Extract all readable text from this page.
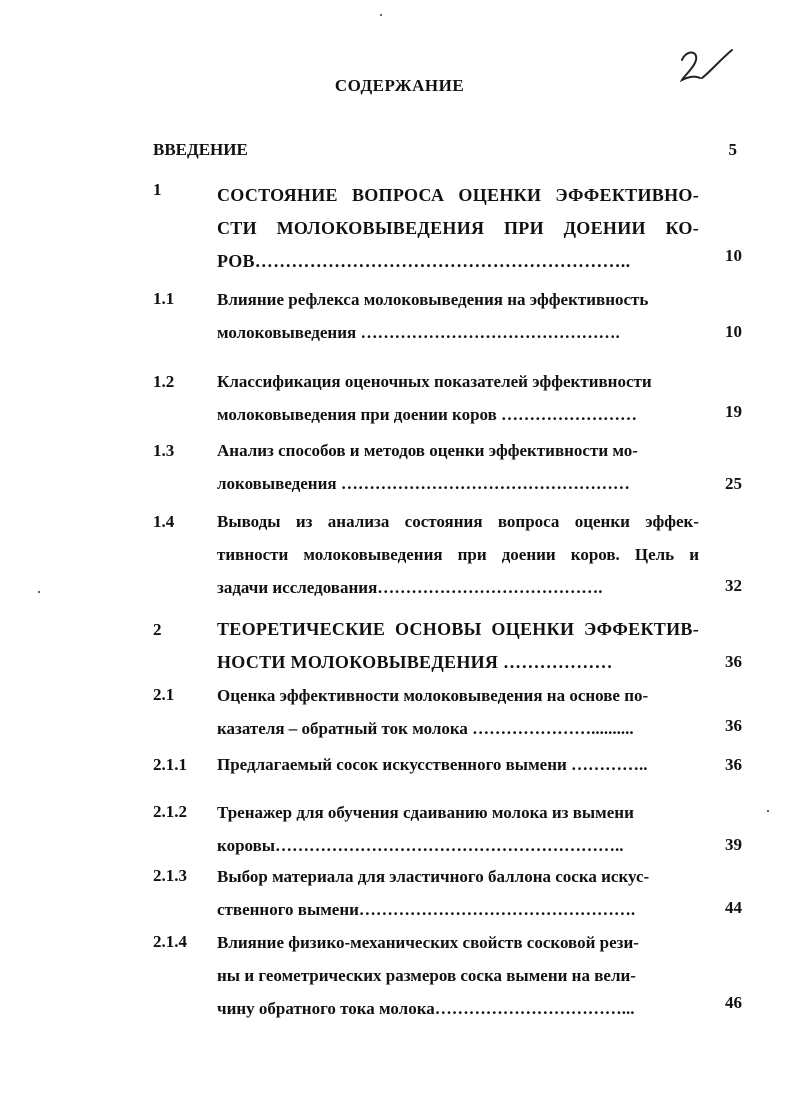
СОДЕРЖАНИЕ
ВВЕДЕНИЕ	5
1	СОСТОЯНИЕ ВОПРОСА ОЦЕНКИ ЭФФЕКТИВНО-
СТИ МОЛОКОВЫВЕДЕНИЯ ПРИ ДОЕНИИ КО-
РОВ……………………………………………………..	10
1.1	Влияние рефлекса молоковыведения на эффективность
молоковыведения ……………………………………….	10
1.2	Классификация оценочных показателей эффективности
молоковыведения при доении коров ……………………	19
1.3	Анализ способов и методов оценки эффективности мо-
локовыведения ……………………………………………	25
1.4	Выводы из анализа состояния вопроса оценки эффек-
тивности молоковыведения при доении коров. Цель и
задачи исследования………………………………….	32
2	ТЕОРЕТИЧЕСКИЕ ОСНОВЫ ОЦЕНКИ ЭФФЕКТИВ-
НОСТИ МОЛОКОВЫВЕДЕНИЯ ………………	36
2.1	Оценка эффективности молоковыведения на основе по-
казателя – обратный ток молока …………………..........	36
2.1.1 Предлагаемый сосок искусственного вымени …………..	36
2.1.2 Тренажер для обучения сдаиванию молока из вымени
коровы……………………………………………………..	39
2.1.3 Выбор материала для эластичного баллона соска искус-
ственного вымени………………………………………….	44
2.1.4 Влияние физико-механических свойств сосковой рези-
ны и геометрических размеров соска вымени на вели-
чину обратного тока молока……………………………...	46
